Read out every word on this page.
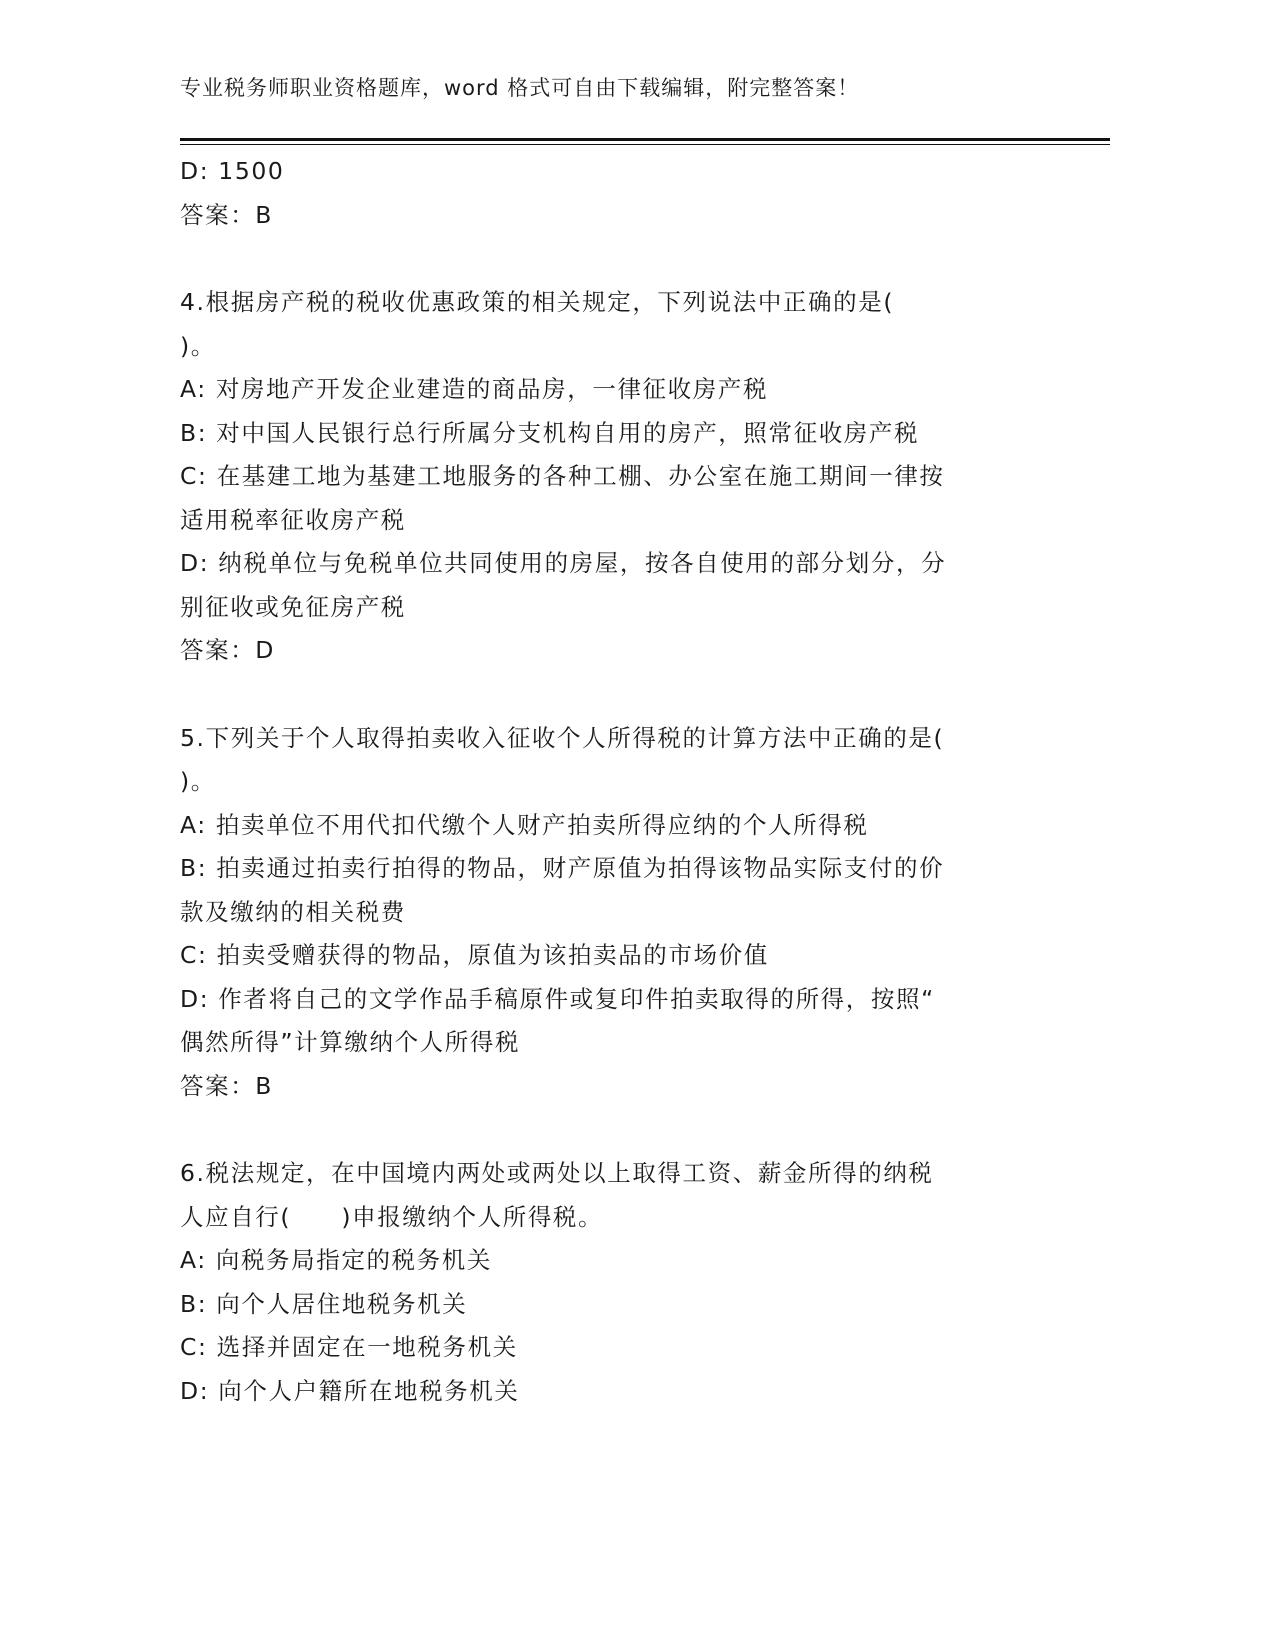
专业税务师职业资格题库，word 格式可自由下载编辑，附完整答案！
D: 1500
答案：B
4.根据房产税的税收优惠政策的相关规定，下列说法中正确的是(
)。
A: 对房地产开发企业建造的商品房，一律征收房产税
B: 对中国人民银行总行所属分支机构自用的房产，照常征收房产税
C: 在基建工地为基建工地服务的各种工棚、办公室在施工期间一律按
适用税率征收房产税
D: 纳税单位与免税单位共同使用的房屋，按各自使用的部分划分，分
别征收或免征房产税
答案：D
5.下列关于个人取得拍卖收入征收个人所得税的计算方法中正确的是(
)。
A: 拍卖单位不用代扣代缴个人财产拍卖所得应纳的个人所得税
B: 拍卖通过拍卖行拍得的物品，财产原值为拍得该物品实际支付的价
款及缴纳的相关税费
C: 拍卖受赠获得的物品，原值为该拍卖品的市场价值
D: 作者将自己的文学作品手稿原件或复印件拍卖取得的所得，按照“
偶然所得”计算缴纳个人所得税
答案：B
6.税法规定，在中国境内两处或两处以上取得工资、薪金所得的纳税
人应自行(　　)申报缴纳个人所得税。
A: 向税务局指定的税务机关
B: 向个人居住地税务机关
C: 选择并固定在一地税务机关
D: 向个人户籍所在地税务机关
